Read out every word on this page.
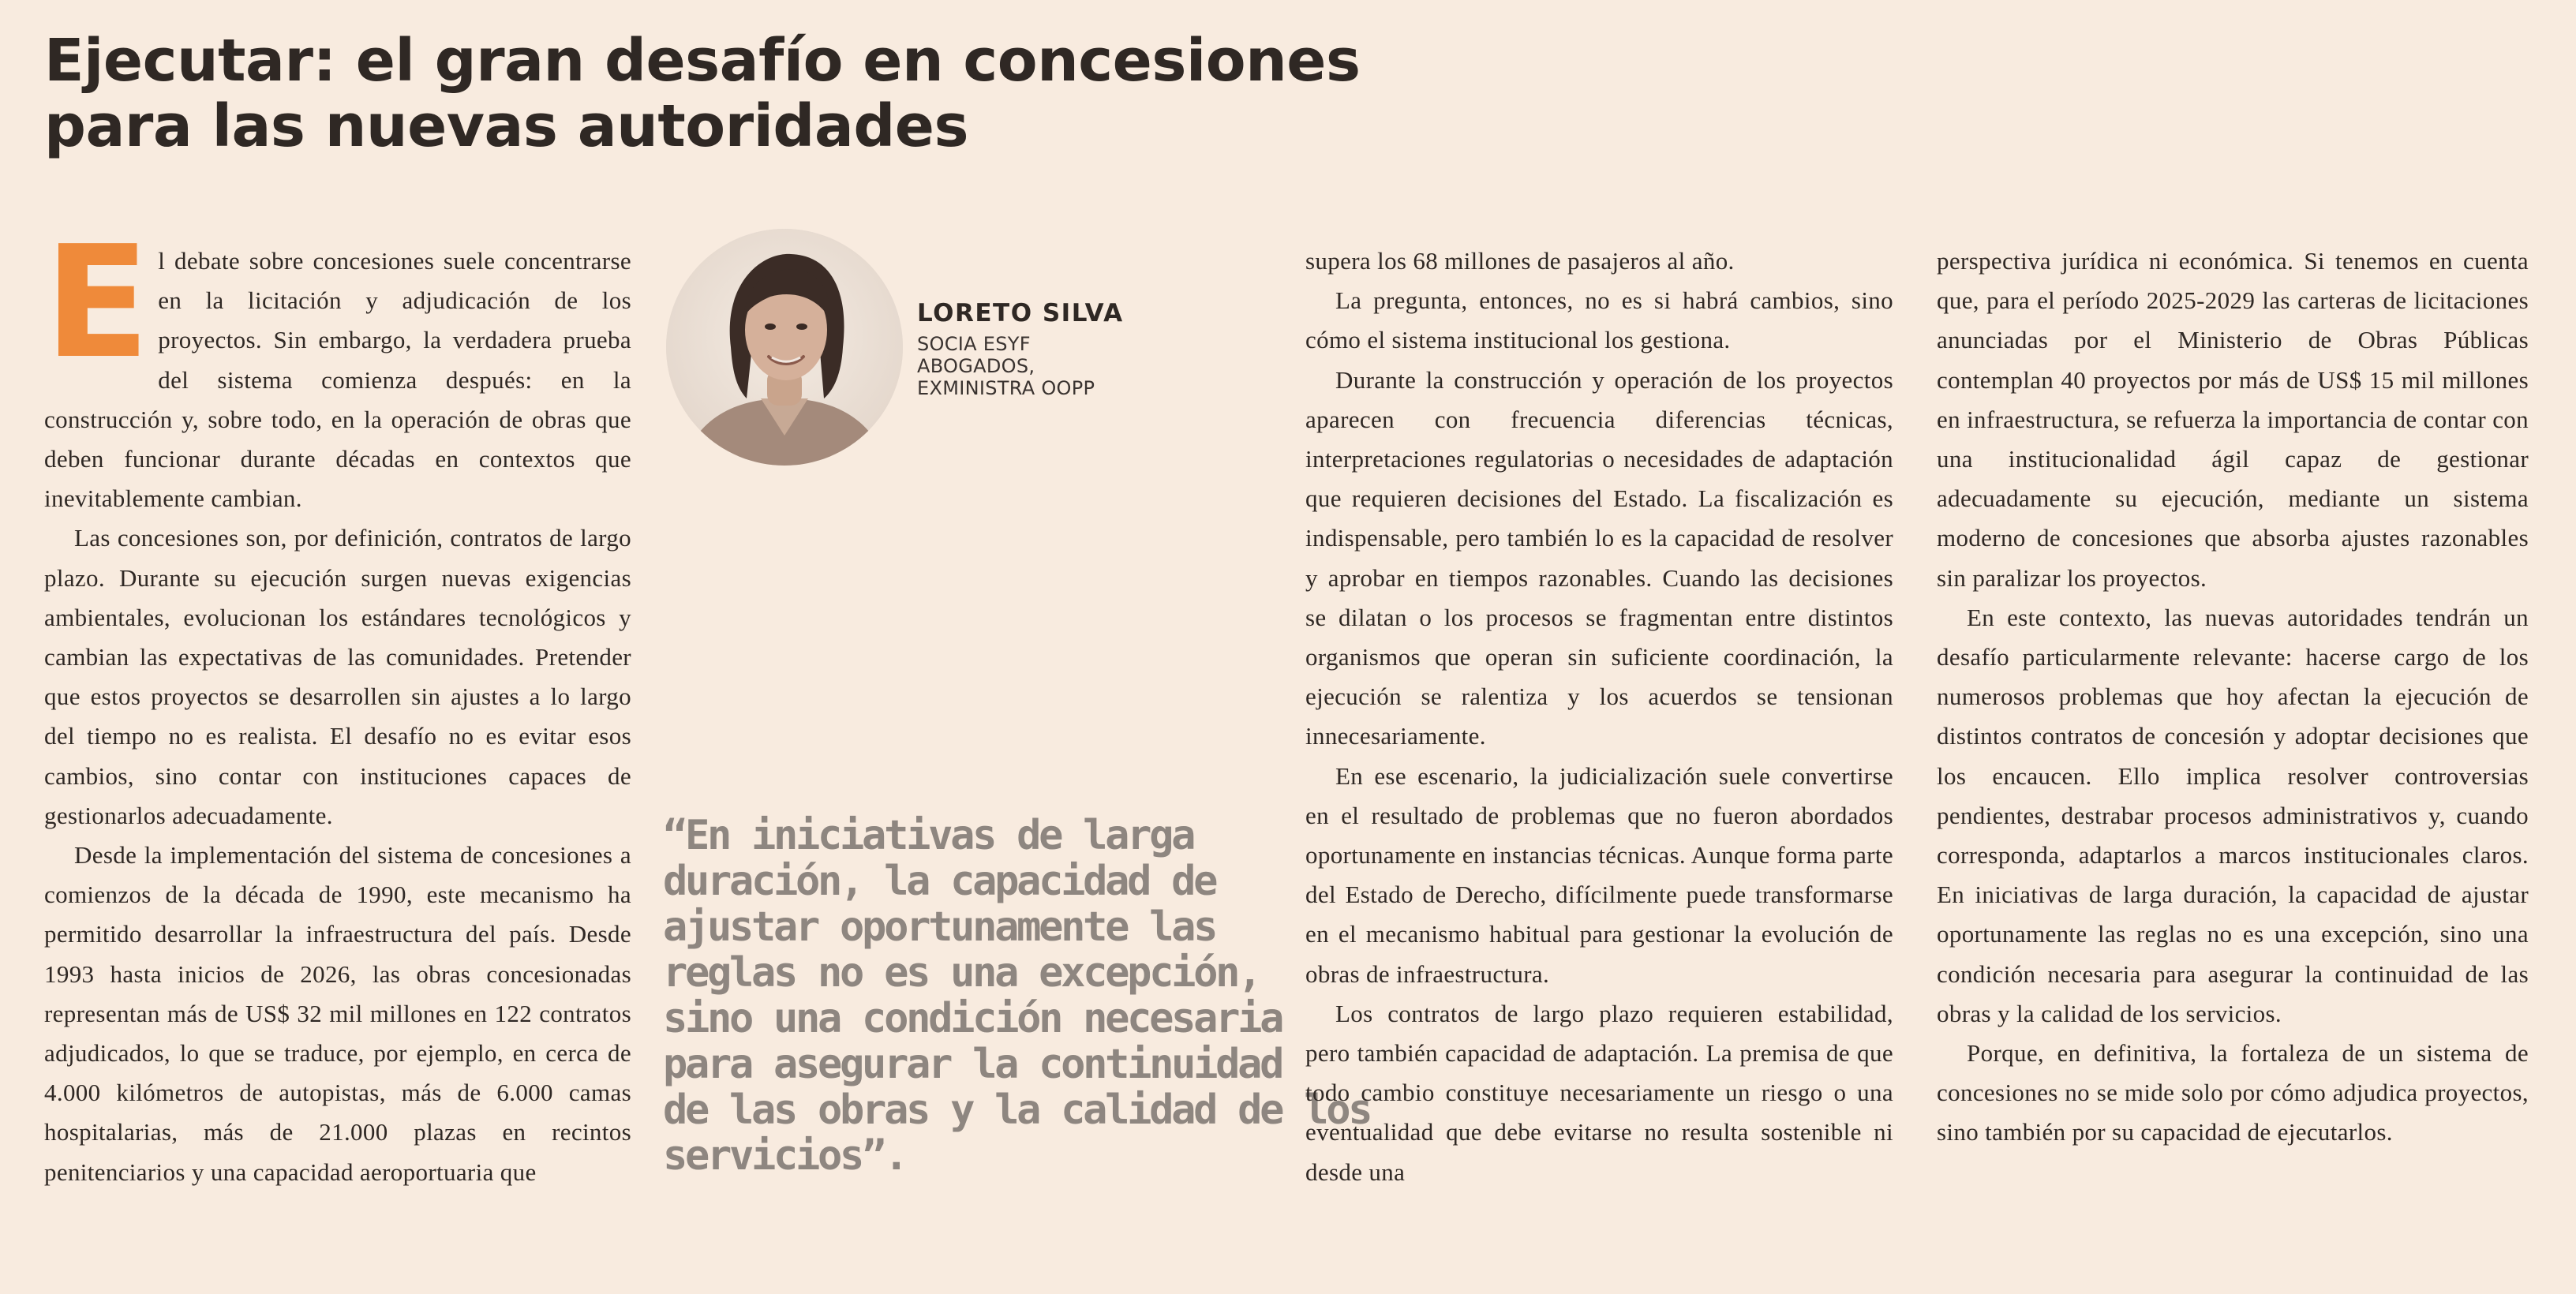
Ejecutar: el gran desafío en concesiones
para las nuevas autoridades

El debate sobre concesiones suele concentrarse en la licitación y adjudicación de los proyectos. Sin embargo, la verdadera prueba del sistema comienza después: en la construcción y, sobre todo, en la operación de obras que deben funcionar durante décadas en contextos que inevitablemente cambian.

Las concesiones son, por definición, contratos de largo plazo. Durante su ejecución surgen nuevas exigencias ambientales, evolucionan los estándares tecnológicos y cambian las expectativas de las comunidades. Pretender que estos proyectos se desarrollen sin ajustes a lo largo del tiempo no es realista. El desafío no es evitar esos cambios, sino contar con instituciones capaces de gestionarlos adecuadamente.

Desde la implementación del sistema de concesiones a comienzos de la década de 1990, este mecanismo ha permitido desarrollar la infraestructura del país. Desde 1993 hasta inicios de 2026, las obras concesionadas representan más de US$ 32 mil millones en 122 contratos adjudicados, lo que se traduce, por ejemplo, en cerca de 4.000 kilómetros de autopistas, más de 6.000 camas hospitalarias, más de 21.000 plazas en recintos penitenciarios y una capacidad aeroportuaria que

LORETO SILVA
SOCIA ESYF
ABOGADOS,
EXMINISTRA OOPP
“En iniciativas de larga
duración, la capacidad de
ajustar oportunamente las
reglas no es una excepción,
sino una condición necesaria
para asegurar la continuidad
de las obras y la calidad de los
servicios”.

supera los 68 millones de pasajeros al año.

La pregunta, entonces, no es si habrá cambios, sino cómo el sistema institucional los gestiona.

Durante la construcción y operación de los proyectos aparecen con frecuencia diferencias técnicas, interpretaciones regulatorias o necesidades de adaptación que requieren decisiones del Estado. La fiscalización es indispensable, pero también lo es la capacidad de resolver y aprobar en tiempos razonables. Cuando las decisiones se dilatan o los procesos se fragmentan entre distintos organismos que operan sin suficiente coordinación, la ejecución se ralentiza y los acuerdos se tensionan innecesariamente.

En ese escenario, la judicialización suele convertirse en el resultado de problemas que no fueron abordados oportunamente en instancias técnicas. Aunque forma parte del Estado de Derecho, difícilmente puede transformarse en el mecanismo habitual para gestionar la evolución de obras de infraestructura.

Los contratos de largo plazo requieren estabilidad, pero también capacidad de adaptación. La premisa de que todo cambio constituye necesariamente un riesgo o una eventualidad que debe evitarse no resulta sostenible ni desde una

perspectiva jurídica ni económica. Si tenemos en cuenta que, para el período 2025-2029 las carteras de licitaciones anunciadas por el Ministerio de Obras Públicas contemplan 40 proyectos por más de US$ 15 mil millones en infraestructura, se refuerza la importancia de contar con una institucionalidad ágil capaz de gestionar adecuadamente su ejecución, mediante un sistema moderno de concesiones que absorba ajustes razonables sin paralizar los proyectos.

En este contexto, las nuevas autoridades tendrán un desafío particularmente relevante: hacerse cargo de los numerosos problemas que hoy afectan la ejecución de distintos contratos de concesión y adoptar decisiones que los encaucen. Ello implica resolver controversias pendientes, destrabar procesos administrativos y, cuando corresponda, adaptarlos a marcos institucionales claros. En iniciativas de larga duración, la capacidad de ajustar oportunamente las reglas no es una excepción, sino una condición necesaria para asegurar la continuidad de las obras y la calidad de los servicios.

Porque, en definitiva, la fortaleza de un sistema de concesiones no se mide solo por cómo adjudica proyectos, sino también por su capacidad de ejecutarlos.
